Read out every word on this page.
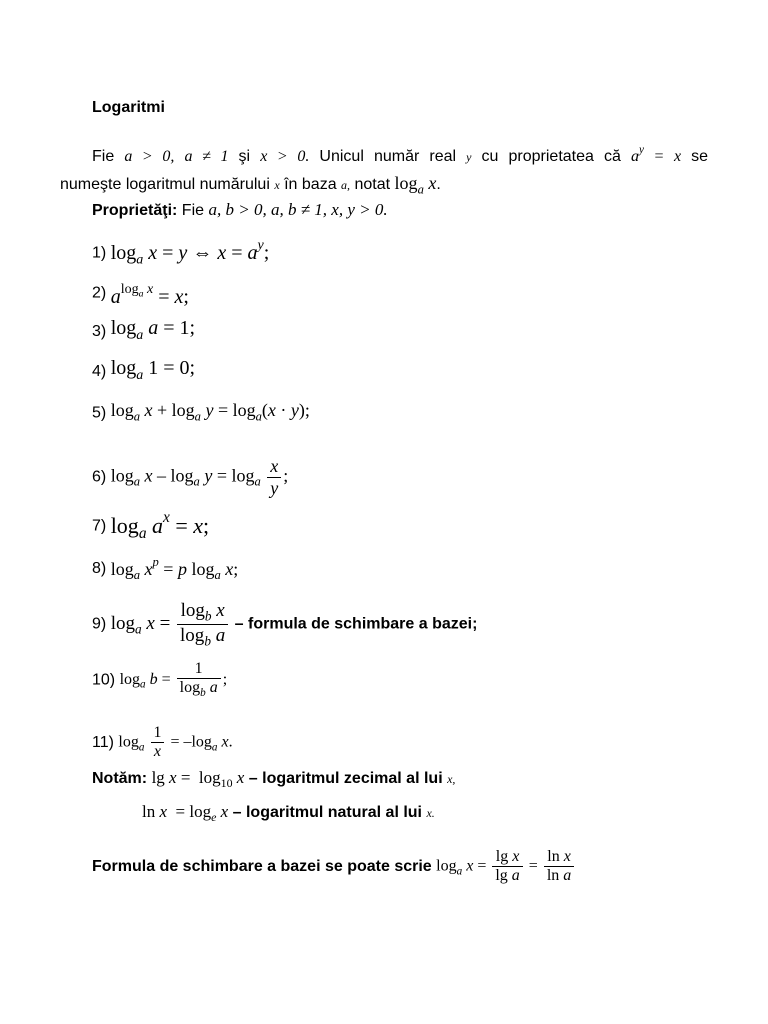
Logaritmi
Fie a > 0, a ≠ 1 şi x > 0. Unicul număr real y cu proprietatea că $a^y = x$ se
numeşte logaritmul numărului x în baza a, notat $\log_a x$.
Proprietăţi: Fie a, b > 0, a, b ≠ 1, x, y > 0.
1) $\log_a x = y$ ⇔ $x = a^y$;
2) $a^{log_a x} = x$;
3) $\log_a a = 1$;
4) $\log_a 1 = 0$;
5) $\log_a x + \log_a y = \log_a(x \cdot y)$;
6) $\log_a x - \log_a y = \log_a \frac{x}{y}$ ;
7) $\log_a a^x = x$;
8) $\log_a x^p = p$ $\log_a x$;
9) $\log_a x = \frac{\log_b x}{\log_b a}$ – formula de schimbare a bazei;
10) $\log_a b = \frac{1}{\log_b a}$ ;
11) $\log_a \frac{1}{x} = -\log_a$ x.
Notăm: $\lg x = \log_{10} x$ – logaritmul zecimal al lui x,
$\ln x = \log_e x$ – logaritmul natural al lui x.
Formula de schimbare a bazei se poate scrie $\log_a x = \frac{\text{lg x}}{\text{lg a}} = \frac{\text{ln x}}{\text{ln a}}$
